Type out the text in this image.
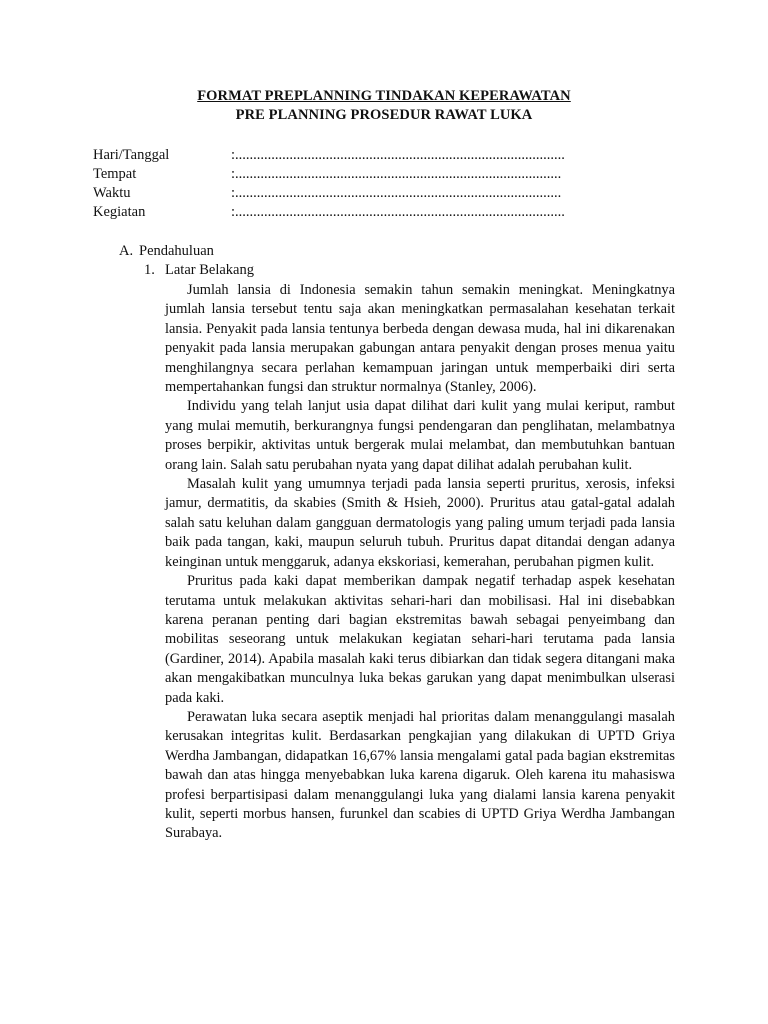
FORMAT PREPLANNING TINDAKAN KEPERAWATAN
PRE PLANNING PROSEDUR RAWAT LUKA
Hari/Tanggal	:...........................................................................................
Tempat	:..........................................................................................
Waktu	:..........................................................................................
Kegiatan	:...........................................................................................
A. Pendahuluan
1. Latar Belakang

Jumlah lansia di Indonesia semakin tahun semakin meningkat. Meningkatnya jumlah lansia tersebut tentu saja akan meningkatkan permasalahan kesehatan terkait lansia. Penyakit pada lansia tentunya berbeda dengan dewasa muda, hal ini dikarenakan penyakit pada lansia merupakan gabungan antara penyakit dengan proses menua yaitu menghilangnya secara perlahan kemampuan jaringan untuk memperbaiki diri serta mempertahankan fungsi dan struktur normalnya (Stanley, 2006).

Individu yang telah lanjut usia dapat dilihat dari kulit yang mulai keriput, rambut yang mulai memutih, berkurangnya fungsi pendengaran dan penglihatan, melambatnya proses berpikir, aktivitas untuk bergerak mulai melambat, dan membutuhkan bantuan orang lain. Salah satu perubahan nyata yang dapat dilihat adalah perubahan kulit.

Masalah kulit yang umumnya terjadi pada lansia seperti pruritus, xerosis, infeksi jamur, dermatitis, da skabies (Smith & Hsieh, 2000). Pruritus atau gatal-gatal adalah salah satu keluhan dalam gangguan dermatologis yang paling umum terjadi pada lansia baik pada tangan, kaki, maupun seluruh tubuh. Pruritus dapat ditandai dengan adanya keinginan untuk menggaruk, adanya ekskoriasi, kemerahan, perubahan pigmen kulit.

Pruritus pada kaki dapat memberikan dampak negatif terhadap aspek kesehatan terutama untuk melakukan aktivitas sehari-hari dan mobilisasi. Hal ini disebabkan karena peranan penting dari bagian ekstremitas bawah sebagai penyeimbang dan mobilitas seseorang untuk melakukan kegiatan sehari-hari terutama pada lansia (Gardiner, 2014). Apabila masalah kaki terus dibiarkan dan tidak segera ditangani maka akan mengakibatkan munculnya luka bekas garukan yang dapat menimbulkan ulserasi pada kaki.

Perawatan luka secara aseptik menjadi hal prioritas dalam menanggulangi masalah kerusakan integritas kulit. Berdasarkan pengkajian yang dilakukan di UPTD Griya Werdha Jambangan, didapatkan 16,67% lansia mengalami gatal pada bagian ekstremitas bawah dan atas hingga menyebabkan luka karena digaruk. Oleh karena itu mahasiswa profesi berpartisipasi dalam menanggulangi luka yang dialami lansia karena penyakit kulit, seperti morbus hansen, furunkel dan scabies di UPTD Griya Werdha Jambangan Surabaya.
